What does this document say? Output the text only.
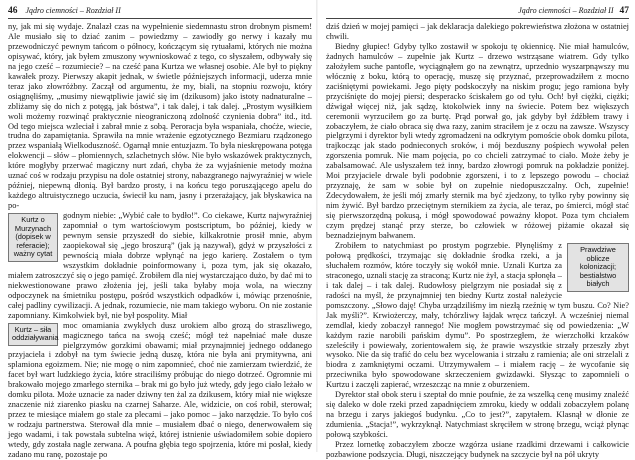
46 Jądro ciemności – Rozdział II

ny, jak mi się wydaje. Znalazł czas na wypełnienie siedemnastu stron drobnym pismem! Ale musiało się to dziać zanim – powiedzmy – zawiodły go nerwy i kazały mu przewodniczyć pewnym tańcom o północy, kończącym się rytuałami, których nie można opisywać, który, jak byłem zmuszony wywnioskować z tego, co słyszałem, odbywały się na jego cześć – rozumiecie? – na cześć pana Kurtza we własnej osobie. Ale był to piękny kawałek prozy. Pierwszy akapit jednak, w świetle późniejszych informacji, uderza mnie teraz jako złowróżbny. Zaczął od argumentu, że my, biali, na stopniu rozwoju, który osiągnęliśmy, „musimy niewątpliwie jawić się im (dzikusom) jako istoty nadnaturalne – zbliżamy się do nich z potęgą, jak bóstwa”, i tak dalej, i tak dalej. „Prostym wysiłkiem woli możemy rozwinąć praktycznie nieograniczoną zdolność czynienia dobra” itd., itd. Od tego miejsca wzleciał i zabrał mnie z sobą. Peroracja była wspaniała, choćże, wiecie, trudna do zapamiętania. Sprawiła na mnie wrażenie egzotycznego Bezmiaru rządzonego przez wspaniałą Wielkoduszność. Ogarnął mnie entuzjazm. To była nieskrępowana potęga elokwencji – słów – płomiennych, szlachetnych słów. Nie było wskazówek praktycznych, które mogłyby przerwać magiczny nurt zdań, chyba że za wyjaśnienie metody można uznać coś w rodzaju przypisu na dole ostatniej strony, nabazgranego najwyraźniej w wiele później, niepewną dłonią. Był bardzo prosty, i na końcu tego porusząjącego apelu do każdego altruistycznego uczucia, świecił ku nam, jasny i przerażający, jak błyskawica na po-

Kurtz o Murzynach (dopisek w referacie); ważny cytat

godnym niebie: „Wybić całe to bydło!”. Co ciekawe, Kurtz najwyraźniej zapomniał o tym wartościowym postscriptum, bo później, kiedy w pewnym sensie przyszedł do siebie, kilkakrotnie prosił mnie, abym zaopiekował się „jego broszurą” (jak ją nazywał), gdyż w przyszłości z pewnością miała dobrze wpłynąć na jego karierę. Zostałem o tym wszystkim dokładnie poinformowany i, poza tym, jak się okazało, miałem zatroszczyć się o jego pamięć. Zrobiłem dla niej wystarczająco dużo, by dać mi to niekwestionowane prawo złożenia jej, jeśli taka byłaby moja wola, na wieczny odpoczynek na śmietniku postępu, pośród wszystkich odpadków i, mówiąc przenośnie, całej padliny cywilizacji. A jednak, rozumiecie, nie mam takiego wyboru. On nie zostanie zapomniany. Kimkolwiek był, nie był pospolity. Miał

Kurtz – siła oddziaływania

moc omamiania zwykłych dusz urokiem albo grozą do straszliwego, magicznego tańca na swoją cześć; mógł też napełniać małe dusze pielgrzymów gorzkimi obawami; miał przynajmniej jednego oddanego przyjaciela i zdobył na tym świecie jedną duszę, która nie była ani prymitywna, ani splamiona egoizmem. Nie; nie mogę o nim zapomnieć, choć nie zamierzam twierdzić, że facet był wart ludzkiego życia, które straciliśmy próbując do niego dotrzeć. Ogromnie mi brakowało mojego zmarłego sternika – brak mi go było już wtedy, gdy jego ciało leżało w domku pilota. Może uznacie za nader dziwny ten żal za dzikusem, który miał nie większe znaczenie niż ziarenko piasku na czarnej Saharze. Ale, widzicie, on coś robił, sterował; przez te miesiące miałem go stale za plecami – jako pomoc – jako narzędzie. To było coś w rodzaju partnerstwa. Sterował dla mnie – musiałem dbać o niego, denerwowałem się jego wadami, i tak powstała subtelna więź, której istnienie uświadomiłem sobie dopiero wtedy, gdy została nagle zerwana. A poufna głębia tego spojrzenia, które mi posłał, kiedy zadano mu ranę, pozostaje po

Jądro ciemności – Rozdział II 47

dziś dzień w mojej pamięci – jak deklaracja dalekiego pokrewieństwa złożona w ostatniej chwili.

Biedny głupiec! Gdyby tylko zostawił w spokoju tę okiennicę. Nie miał hamulców, żadnych hamulców – zupełnie jak Kurtz – drzewo wstrząsane wiatrem. Gdy tylko założyłem suche pantofle, wyciągnąłem go na zewnątrz, uprzednio wyszarpnąwszy mu włócznię z boku, którą to operację, muszę się przyznać, przeprowadziłem z mocno zaciśniętymi powiekami. Jego pięty podskoczyły na niskim progu; jego ramiona były przyciśnięte do mojej piersi; desperacko ściskałem go od tyłu. Och! był ciężki, ciężki; dźwigał więcej niż, jak sądzę, ktokolwiek inny na świecie. Potem bez większych ceremonii wyrzuciłem go za burtę. Prąd porwał go, jak gdyby był źdźbłem trawy i zobaczyłem, że ciało obraca się dwa razy, zanim straciłem je z oczu na zawsze. Wszyscy pielgrzymi i dyrektor byli wtedy zgromadzeni na odkrytym pomoście obok domku pilota, trajkocząc jak stado podnieconych sroków, i mój bezduszny pośpiech wywołał pełen zgorszenia pomruk. Nie mam pojęcia, po co chcieli zatrzymać to ciało. Może żeby je zabalsamować. Ale usłyszałem też inny, bardzo złowrogi pomruk na pokładzie poniżej. Moi przyjaciele drwale byli podobnie zgorszeni, i to z lepszego powodu – chociaż przyznaję, że sam w sobie był on zupełnie niedopuszczalny. Och, zupełnie! Zdecydowałem, że jeśli mój zmarły sternik ma być zjedzony, to tylko ryby powinny się nim żywić. Był bardzo przeciętnym sternikiem za życia, ale teraz, po śmierci, mógł stać się pierwszorzędną pokusą, i mógł spowodować poważny kłopot. Poza tym chciałem czym prędzej stanąć przy sterze, bo człowiek w różowej piżamie okazał się beznadziejnym bałwanem.

Prawdziwe oblicze kolonizacji; bestialstwo białych

Zrobiłem to natychmiast po prostym pogrzebie. Płynęliśmy z połową prędkości, trzymając się dokładnie środka rzeki, a ja słuchałem rozmów, które toczyły się wokół mnie. Uznali Kurtza za straconego, uznali stację za straconą; Kurtz nie żył, a stacja spłonęła – i tak dalej – i tak dalej. Rudowłosy pielgrzym nie posiadał się z radości na myśl, że przynajmniej ten biedny Kurtz został należycie pomszczony. „Słowo daję! Chyba urządziliśmy im niezłą rzeźnię w tym buszu. Co? Nie? Jak myśli?”. Krwiożerczy, mały, tchórzliwy łajdak wręcz tańczył. A wcześniej niemal zemdlał, kiedy zobaczył rannego! Nie mogłem powstrzymać się od powiedzenia: „W każdym razie narobili pańskim dymu”. Po spostrzegłem, że wierzchołki krzaków szeleściły i powiewały, zorientowałem się, że prawie wszystkie strzały przeszły zbyt wysoko. Nie da się trafić do celu bez wycelowania i strzału z ramienia; ale oni strzelali z biodra z zamkniętymi oczami. Utrzymywałem – i miałem rację – że wycofanie się przeciwnika było spowodowane skrzeczeniem gwizdawki. Słysząc to zapomnieli o Kurtzu i zaczęli zapierać, wrzeszcząc na mnie z oburzeniem.

Dyrektor stał obok steru i szeptał do mnie poufnie, że za wszelką cenę musimy znaleźć się daleko w dole rzeki przed zapadnięciem zmroku, kiedy w oddali zobaczyłem polanę na brzegu i zarys jakiegoś budynku. „Co to jest?”, zapytałem. Klasnął w dłonie ze zdumienia. „Stacja!”, wykrzyknął. Natychmiast skręciłem w stronę brzegu, wciąż płynąc połową szybkości.

Przez lornetkę zobaczyłem zbocze wzgórza usiane rzadkimi drzewami i całkowicie pozbawione podszycia. Długi, niszczejący budynek na szczycie był na pół ukryty
